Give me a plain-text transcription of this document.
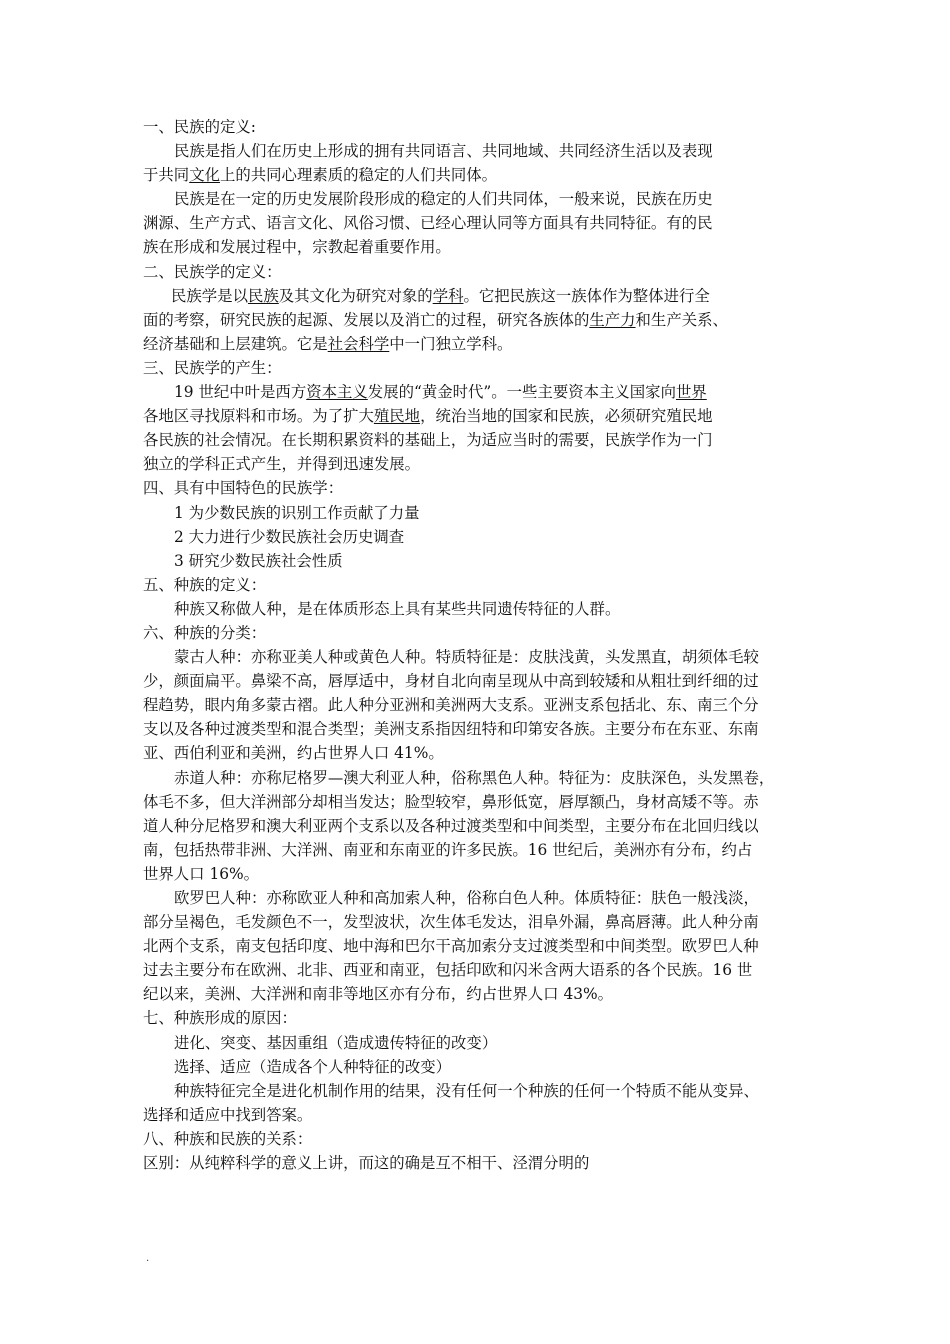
一、民族的定义:
民族是指人们在历史上形成的拥有共同语言、共同地域、共同经济生活以及表现
于共同文化上的共同心理素质的稳定的人们共同体。
民族是在一定的历史发展阶段形成的稳定的人们共同体，一般来说，民族在历史
渊源、生产方式、语言文化、风俗习惯、已经心理认同等方面具有共同特征。有的民
族在形成和发展过程中，宗教起着重要作用。
二、民族学的定义：
民族学是以民族及其文化为研究对象的学科。它把民族这一族体作为整体进行全
面的考察，研究民族的起源、发展以及消亡的过程，研究各族体的生产力和生产关系、
经济基础和上层建筑。它是社会科学中一门独立学科。
三、民族学的产生：
19 世纪中叶是西方资本主义发展的“黄金时代”。一些主要资本主义国家向世界
各地区寻找原料和市场。为了扩大殖民地，统治当地的国家和民族，必须研究殖民地
各民族的社会情况。在长期积累资料的基础上，为适应当时的需要，民族学作为一门
独立的学科正式产生，并得到迅速发展。
四、具有中国特色的民族学：
1 为少数民族的识别工作贡献了力量
2 大力进行少数民族社会历史调查
3 研究少数民族社会性质
五、种族的定义：
种族又称做人种，是在体质形态上具有某些共同遗传特征的人群。
六、种族的分类：
蒙古人种：亦称亚美人种或黄色人种。特质特征是：皮肤浅黄，头发黑直，胡须体毛较
少，颜面扁平。鼻梁不高，唇厚适中，身材自北向南呈现从中高到较矮和从粗壮到纤细的过
程趋势，眼内角多蒙古褶。此人种分亚洲和美洲两大支系。亚洲支系包括北、东、南三个分
支以及各种过渡类型和混合类型；美洲支系指因纽特和印第安各族。主要分布在东亚、东南
亚、西伯利亚和美洲，约占世界人口 41%。
赤道人种：亦称尼格罗—澳大利亚人种，俗称黑色人种。特征为：皮肤深色，头发黑卷，
体毛不多，但大洋洲部分却相当发达；脸型较窄，鼻形低宽，唇厚额凸，身材高矮不等。赤
道人种分尼格罗和澳大利亚两个支系以及各种过渡类型和中间类型，主要分布在北回归线以
南，包括热带非洲、大洋洲、南亚和东南亚的许多民族。16 世纪后，美洲亦有分布，约占
世界人口 16%。
欧罗巴人种：亦称欧亚人种和高加索人种，俗称白色人种。体质特征：肤色一般浅淡，
部分呈褐色，毛发颜色不一，发型波状，次生体毛发达，泪阜外漏，鼻高唇薄。此人种分南
北两个支系，南支包括印度、地中海和巴尔干高加索分支过渡类型和中间类型。欧罗巴人种
过去主要分布在欧洲、北非、西亚和南亚，包括印欧和闪米含两大语系的各个民族。16 世
纪以来，美洲、大洋洲和南非等地区亦有分布，约占世界人口 43%。
七、种族形成的原因：
进化、突变、基因重组（造成遗传特征的改变）
选择、适应（造成各个人种特征的改变）
种族特征完全是进化机制作用的结果，没有任何一个种族的任何一个特质不能从变异、
选择和适应中找到答案。
八、种族和民族的关系：
区别：从纯粹科学的意义上讲，而这的确是互不相干、泾渭分明的
.
